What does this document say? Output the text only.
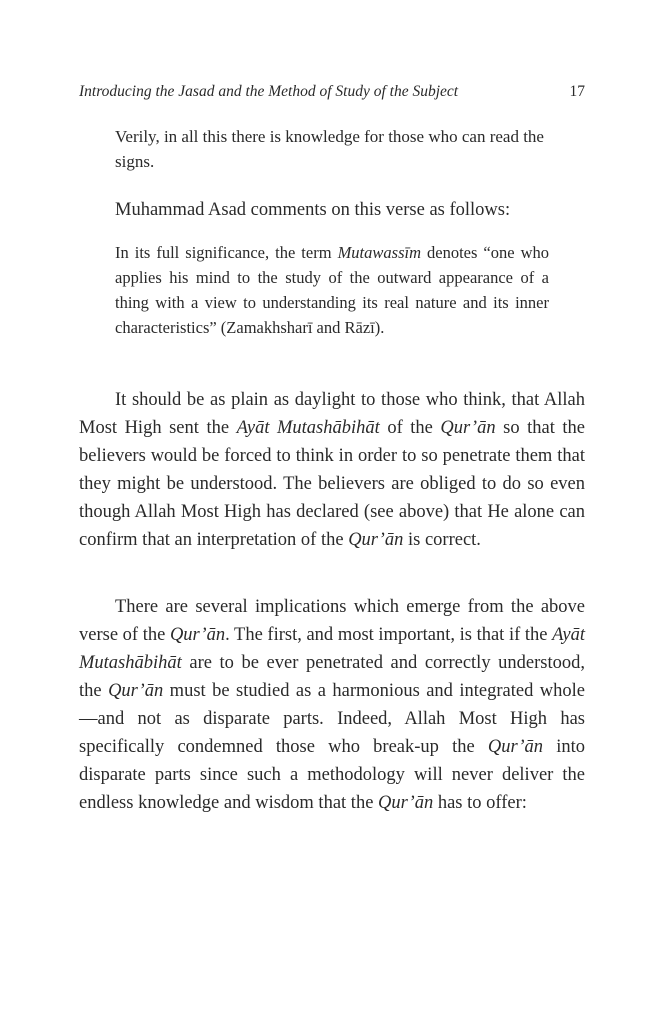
Introducing the Jasad and the Method of Study of the Subject	17

Verily, in all this there is knowledge for those who can read the signs.

Muhammad Asad comments on this verse as follows:

In its full significance, the term Mutawassīm denotes “one who applies his mind to the study of the outward appearance of a thing with a view to understanding its real nature and its inner characteristics” (Zamakhsharī and Rāzī).

It should be as plain as daylight to those who think, that Allah Most High sent the Ayāt Mutashābihāt of the Qur’ān so that the believers would be forced to think in order to so penetrate them that they might be understood. The believers are obliged to do so even though Allah Most High has declared (see above) that He alone can confirm that an interpretation of the Qur’ān is correct.

There are several implications which emerge from the above verse of the Qur’ān. The first, and most important, is that if the Ayāt Mutashābihāt are to be ever penetrated and correctly understood, the Qur’ān must be studied as a harmonious and integrated whole—and not as disparate parts. Indeed, Allah Most High has specifically condemned those who break-up the Qur’ān into disparate parts since such a methodology will never deliver the endless knowledge and wisdom that the Qur’ān has to offer:
